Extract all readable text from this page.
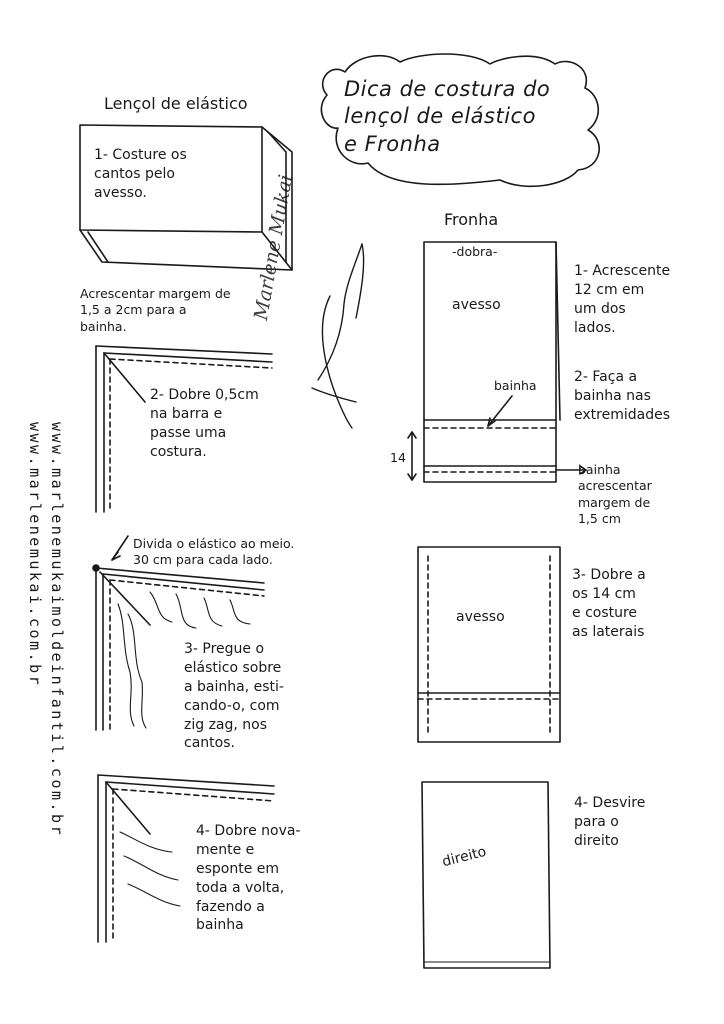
Dica de costura do
lençol de elástico
e Fronha

Lençol de elástico

1- Costure os
cantos pelo
avesso.

Acrescentar margem de
1,5 a 2cm para a
bainha.

2- Dobre 0,5cm
na barra e
passe uma
costura.

Divida o elástico ao meio.
30 cm para cada lado.

3- Pregue o
elástico sobre
a bainha, esti-
cando-o, com
zig zag, nos
cantos.

4- Dobre nova-
mente e
esponte em
toda a volta,
fazendo a
bainha

Fronha

-dobra-

avesso

bainha

14

bainha
acrescentar
margem de
1,5 cm

1- Acrescente
12 cm em
um dos
lados.

2- Faça a
bainha nas
extremidades

avesso

3- Dobre a
os 14 cm
e costure
as laterais

4- Desvire
para o
direito

direito

Marlene Mukai

www.marlenemukaimoldeinfantil.com.br
www.marlenemukai.com.br
